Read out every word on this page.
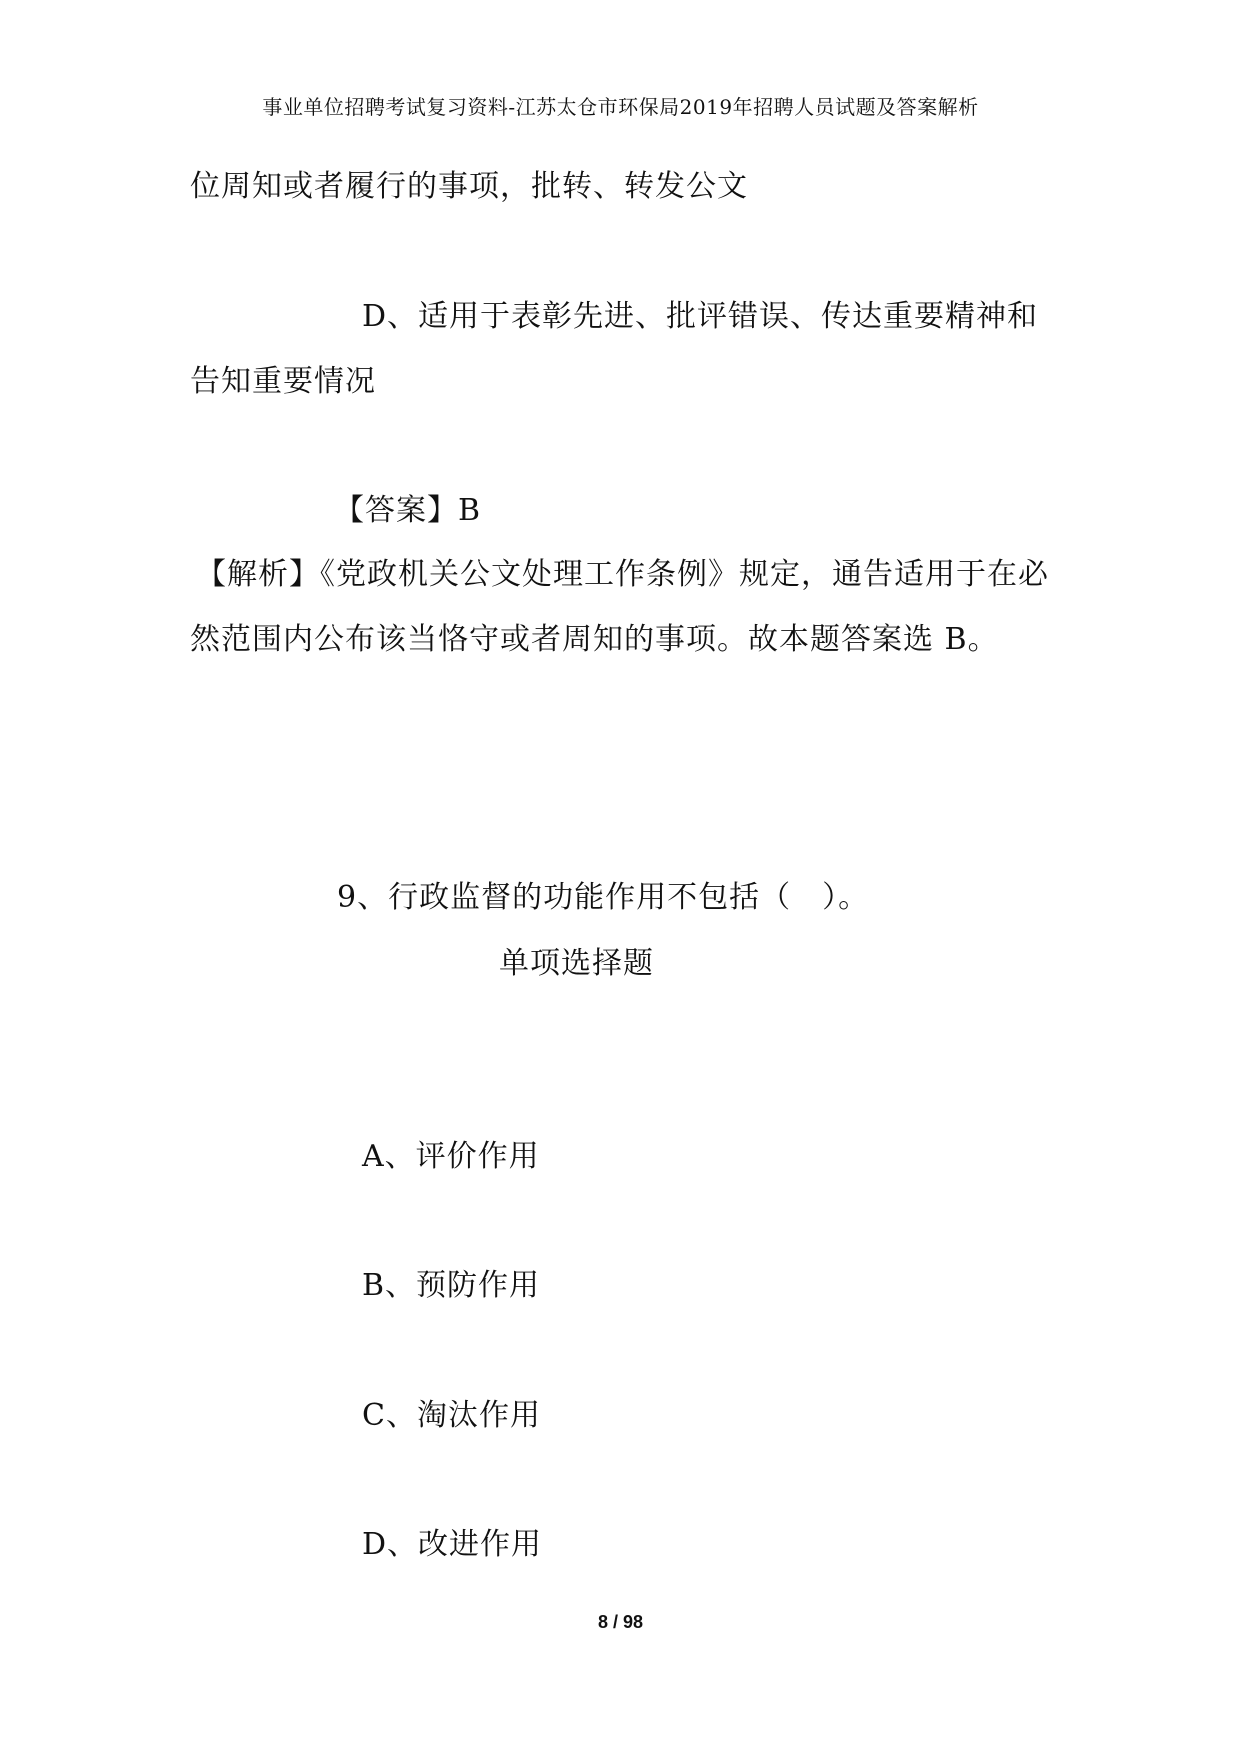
事业单位招聘考试复习资料-江苏太仓市环保局2019年招聘人员试题及答案解析
位周知或者履行的事项，批转、转发公文
D、适用于表彰先进、批评错误、传达重要精神和
告知重要情况
【答案】B
【解析】《党政机关公文处理工作条例》规定，通告适用于在必
然范围内公布该当恪守或者周知的事项。故本题答案选 B。
9、行政监督的功能作用不包括（　）。
单项选择题
A、评价作用
B、预防作用
C、淘汰作用
D、改进作用
8 / 98
